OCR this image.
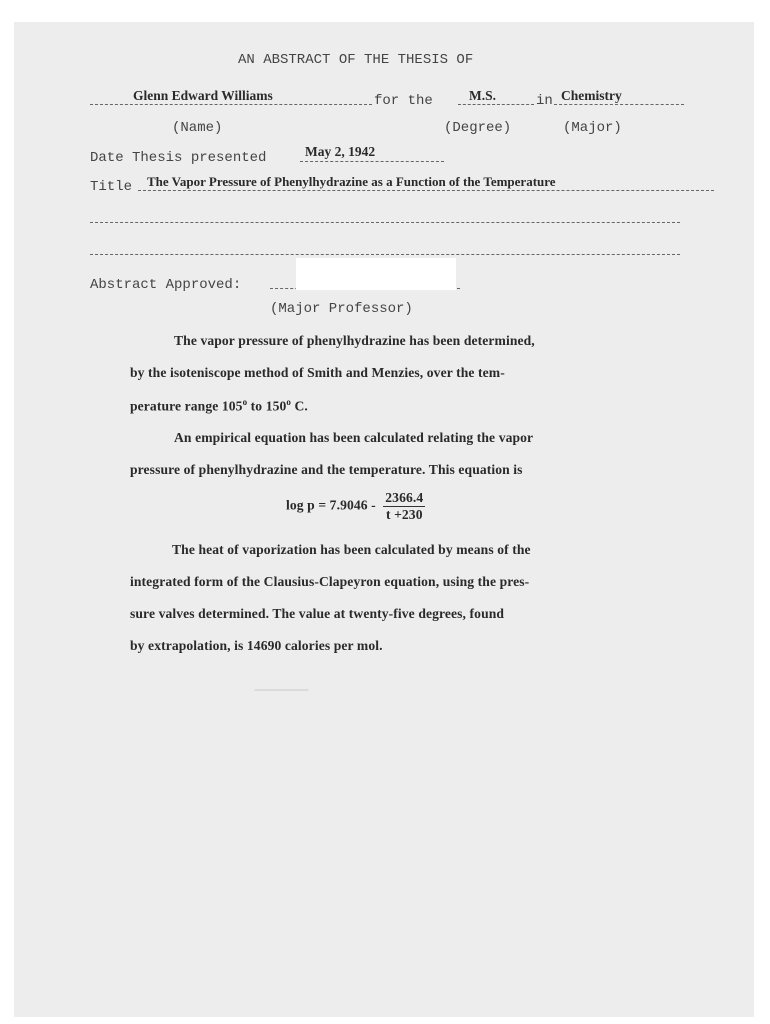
⸻
AN ABSTRACT OF THE THESIS OF
Glenn Edward Williams	for the	M.S.	in Chemistry
(Name)	(Degree)	(Major)
Date Thesis presented	May 2, 1942
Title The Vapor Pressure of Phenylhydrazine as a Function of the Temperature
Abstract Approved:
(Major Professor)
The vapor pressure of phenylhydrazine has been determined,
by the isoteniscope method of Smith and Menzies, over the tem-
perature range 105$^o$ to 150$^o$ C.
An empirical equation has been calculated relating the vapor
pressure of phenylhydrazine and the temperature. This equation is
$\log p = 7.9046 - \frac{2366.4}{t +230}$
The heat of vaporization has been calculated by means of the
integrated form of the Clausius-Clapeyron equation, using the pres-
sure valves determined. The value at twenty-five degrees, found
by extrapolation, is 14690 calories per mol.
